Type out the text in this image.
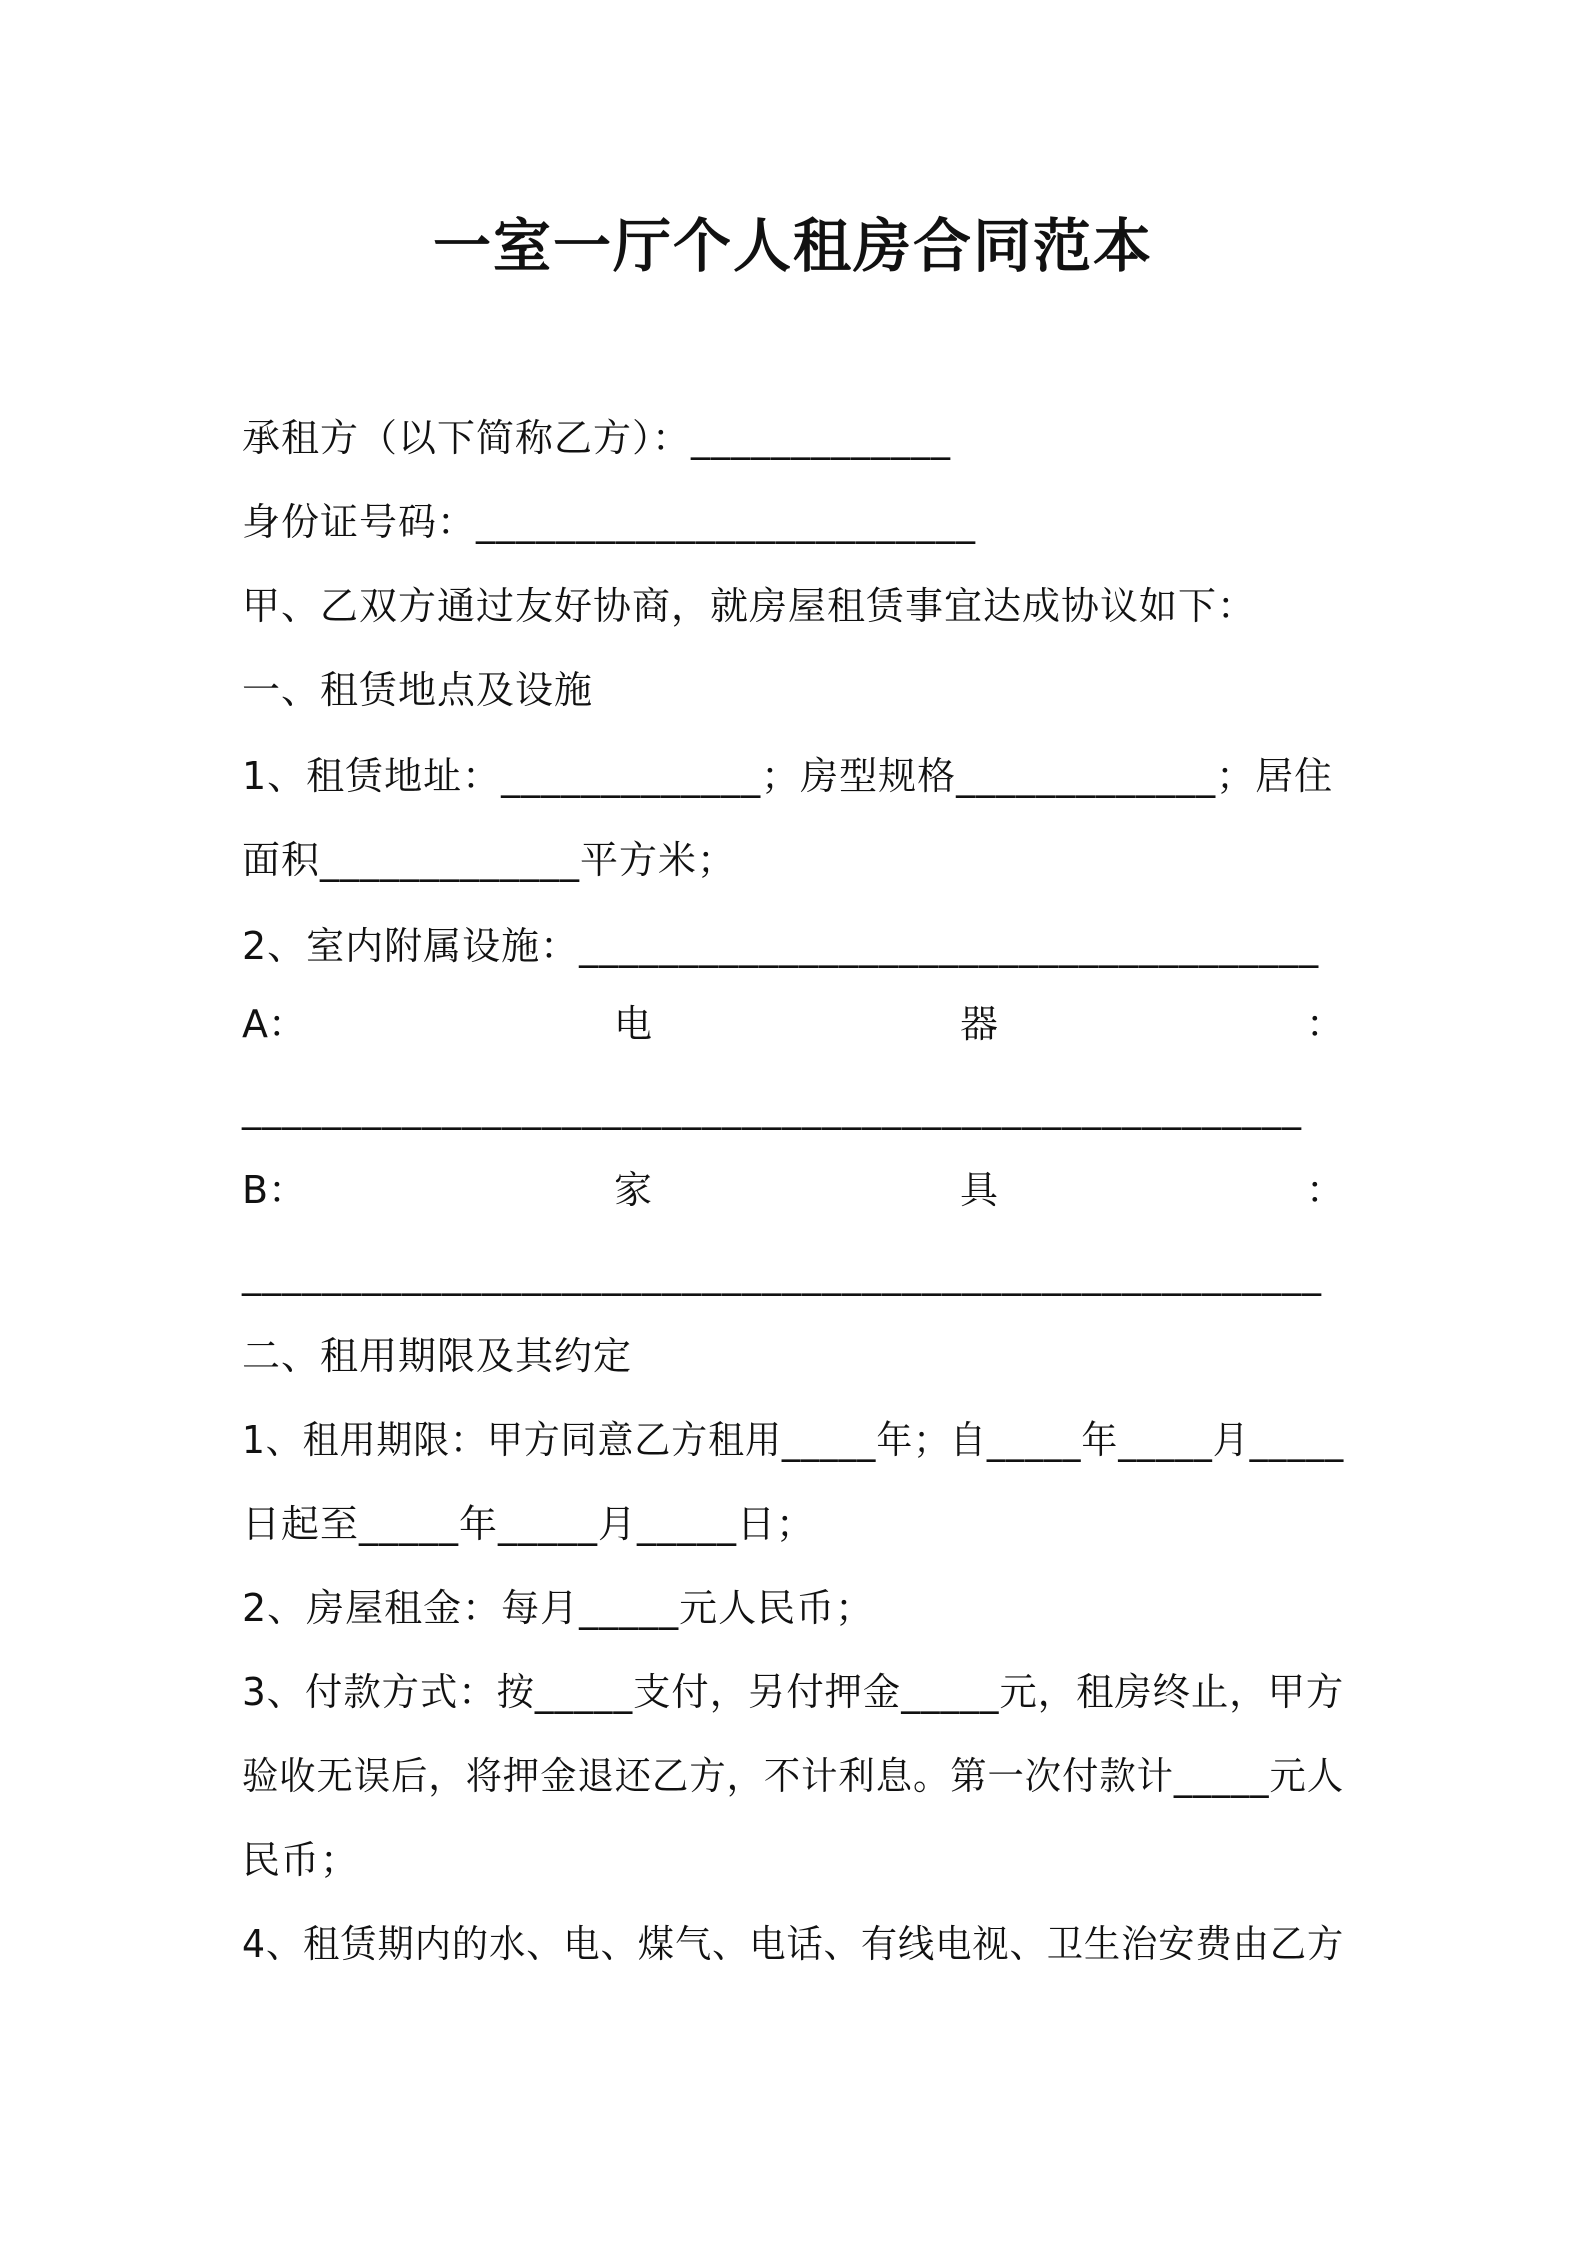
一室一厅个人租房合同范本
承租方（以下简称乙方）：_____________
身份证号码：_________________________
甲、乙双方通过友好协商，就房屋租赁事宜达成协议如下：
一、租赁地点及设施
1、租赁地址：_____________；房型规格_____________；居住
面积_____________平方米；
2、室内附属设施：_____________________________________
A：	电	器	：
_____________________________________________________
B：	家	具	：
______________________________________________________
二、租用期限及其约定
1、租用期限：甲方同意乙方租用_____年；自_____年_____月_____
日起至_____年_____月_____日；
2、房屋租金：每月_____元人民币；
3、付款方式：按_____支付，另付押金_____元，租房终止，甲方
验收无误后，将押金退还乙方，不计利息。第一次付款计_____元人
民币；
4、租赁期内的水、电、煤气、电话、有线电视、卫生治安费由乙方
